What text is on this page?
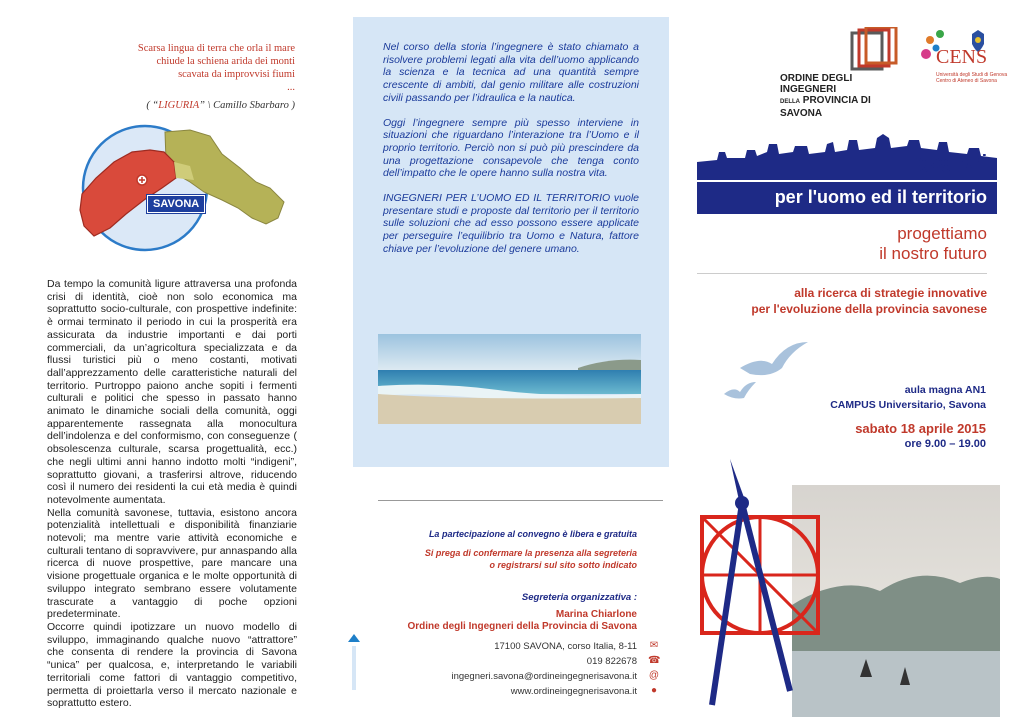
Scarsa lingua di terra che orla il mare
chiude la schiena arida dei monti
scavata da improvvisi fiumi
...
( “LIGURIA” \ Camillo Sbarbaro )
SAVONA

Da tempo la comunità ligure attraversa una profonda crisi di identità, cioè non solo economica ma soprattutto socio-culturale, con prospettive indefinite: è ormai terminato il periodo in cui la prosperità era assicurata da industrie importanti e dai porti commerciali, da un’agricoltura specializzata e da flussi turistici più o meno costanti, motivati dall’apprezzamento delle caratteristiche naturali del territorio. Purtroppo paiono anche sopiti i fermenti culturali e politici che spesso in passato hanno animato le dinamiche sociali della comunità, oggi apparentemente rassegnata alla monocultura dell’indolenza e del conformismo, con conseguenze ( obsolescenza culturale, scarsa progettualità, ecc.) che negli ultimi anni hanno indotto molti “indigeni”, soprattutto giovani, a trasferirsi altrove, riducendo così il numero dei residenti la cui età media è quindi notevolmente aumentata.

Nella comunità savonese, tuttavia, esistono ancora potenzialità intellettuali e disponibilità finanziarie notevoli; ma mentre varie attività economiche e culturali tentano di sopravvivere, pur annaspando alla ricerca di nuove prospettive, pare mancare una visione progettuale organica e le molte opportunità di sviluppo integrato sembrano essere volutamente trascurate a vantaggio di poche opzioni predeterminate.

Occorre quindi ipotizzare un nuovo modello di sviluppo, immaginando qualche nuovo “attrattore” che consenta di rendere la provincia di Savona “unica” per qualcosa, e, interpretando le variabili territoriali come fattori di vantaggio competitivo, permetta di proiettarla verso il mercato nazionale e soprattutto estero.

Nel corso della storia l’ingegnere è stato chiamato a risolvere problemi legati alla vita dell’uomo applicando la scienza e la tecnica ad una quantità sempre crescente di ambiti, dal genio militare alle costruzioni civili passando per l’idraulica e la nautica.

Oggi l’ingegnere sempre più spesso interviene in situazioni che riguardano l’interazione tra l’Uomo e il proprio territorio. Perciò non si può più prescindere da una progettazione consapevole che tenga conto dell’impatto che le opere hanno sulla nostra vita.

INGEGNERI PER L’UOMO ED IL TERRITORIO vuole presentare studi e proposte dal territorio per il territorio sulle soluzioni che ad esso possono essere applicate per perseguire l’equilibrio tra Uomo e Natura, fattore chiave per l’evoluzione del genere umano.

La partecipazione al convegno è libera e gratuita
Si prega di confermare la presenza alla segreteria
o registrarsi sul sito sotto indicato
Segreteria organizzativa :
Marina Chiarlone
Ordine degli Ingegneri della Provincia di Savona
17100 SAVONA, corso Italia, 8-11 ✉
019 822678 ☎
ingegneri.savona@ordineingegnerisavona.it @
www.ordineingegnerisavona.it ●
ORDINE DEGLI INGEGNERI
DELLA PROVINCIA DI SAVONA
CENS
Università degli Studi di Genova
Centro di Ateneo di Savona
ingegneri
per l'uomo ed il territorio
progettiamo
il nostro futuro
alla ricerca di strategie innovative
per l'evoluzione della provincia savonese
aula magna AN1
CAMPUS Universitario, Savona
sabato 18 aprile 2015
ore 9.00 – 19.00
